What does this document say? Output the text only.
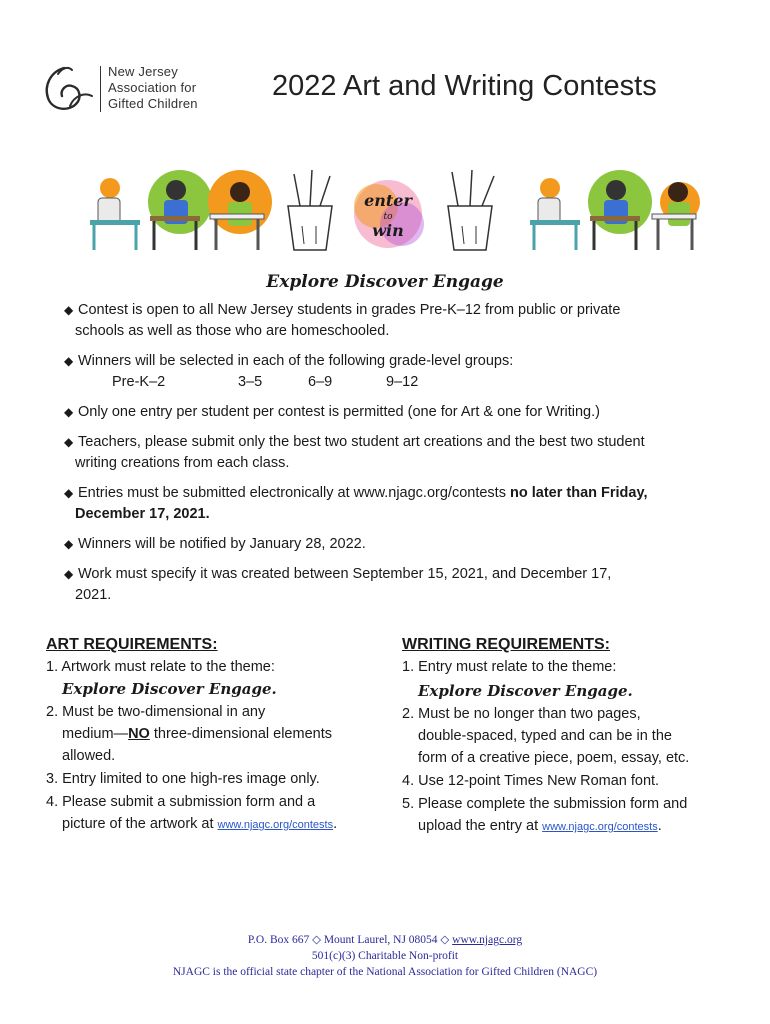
New Jersey
Association for
Gifted Children
2022 Art and Writing Contests
enter
to
win
Explore Discover Engage
◆ Contest is open to all New Jersey students in grades Pre-K–12 from public or private
schools as well as those who are homeschooled.
◆ Winners will be selected in each of the following grade-level groups:
Pre-K–2	3–5	6–9	9–12
◆ Only one entry per student per contest is permitted (one for Art & one for Writing.)
◆ Teachers, please submit only the best two student art creations and the best two student
writing creations from each class.
◆ Entries must be submitted electronically at www.njagc.org/contests no later than Friday,
December 17, 2021.
◆ Winners will be notified by January 28, 2022.
◆ Work must specify it was created between September 15, 2021, and December 17,
2021.
ART REQUIREMENTS:
1. Artwork must relate to the theme:
Explore Discover Engage.
2. Must be two-dimensional in any
medium—NO three-dimensional elements
allowed.
3. Entry limited to one high-res image only.
4. Please submit a submission form and a
picture of the artwork at www.njagc.org/contests.
WRITING REQUIREMENTS:
1. Entry must relate to the theme:
Explore Discover Engage.
2. Must be no longer than two pages,
double-spaced, typed and can be in the
form of a creative piece, poem, essay, etc.
4. Use 12-point Times New Roman font.
5. Please complete the submission form and
upload the entry at www.njagc.org/contests.
P.O. Box 667 ◇ Mount Laurel, NJ 08054 ◇ www.njagc.org
501(c)(3) Charitable Non-profit
NJAGC is the official state chapter of the National Association for Gifted Children (NAGC)
